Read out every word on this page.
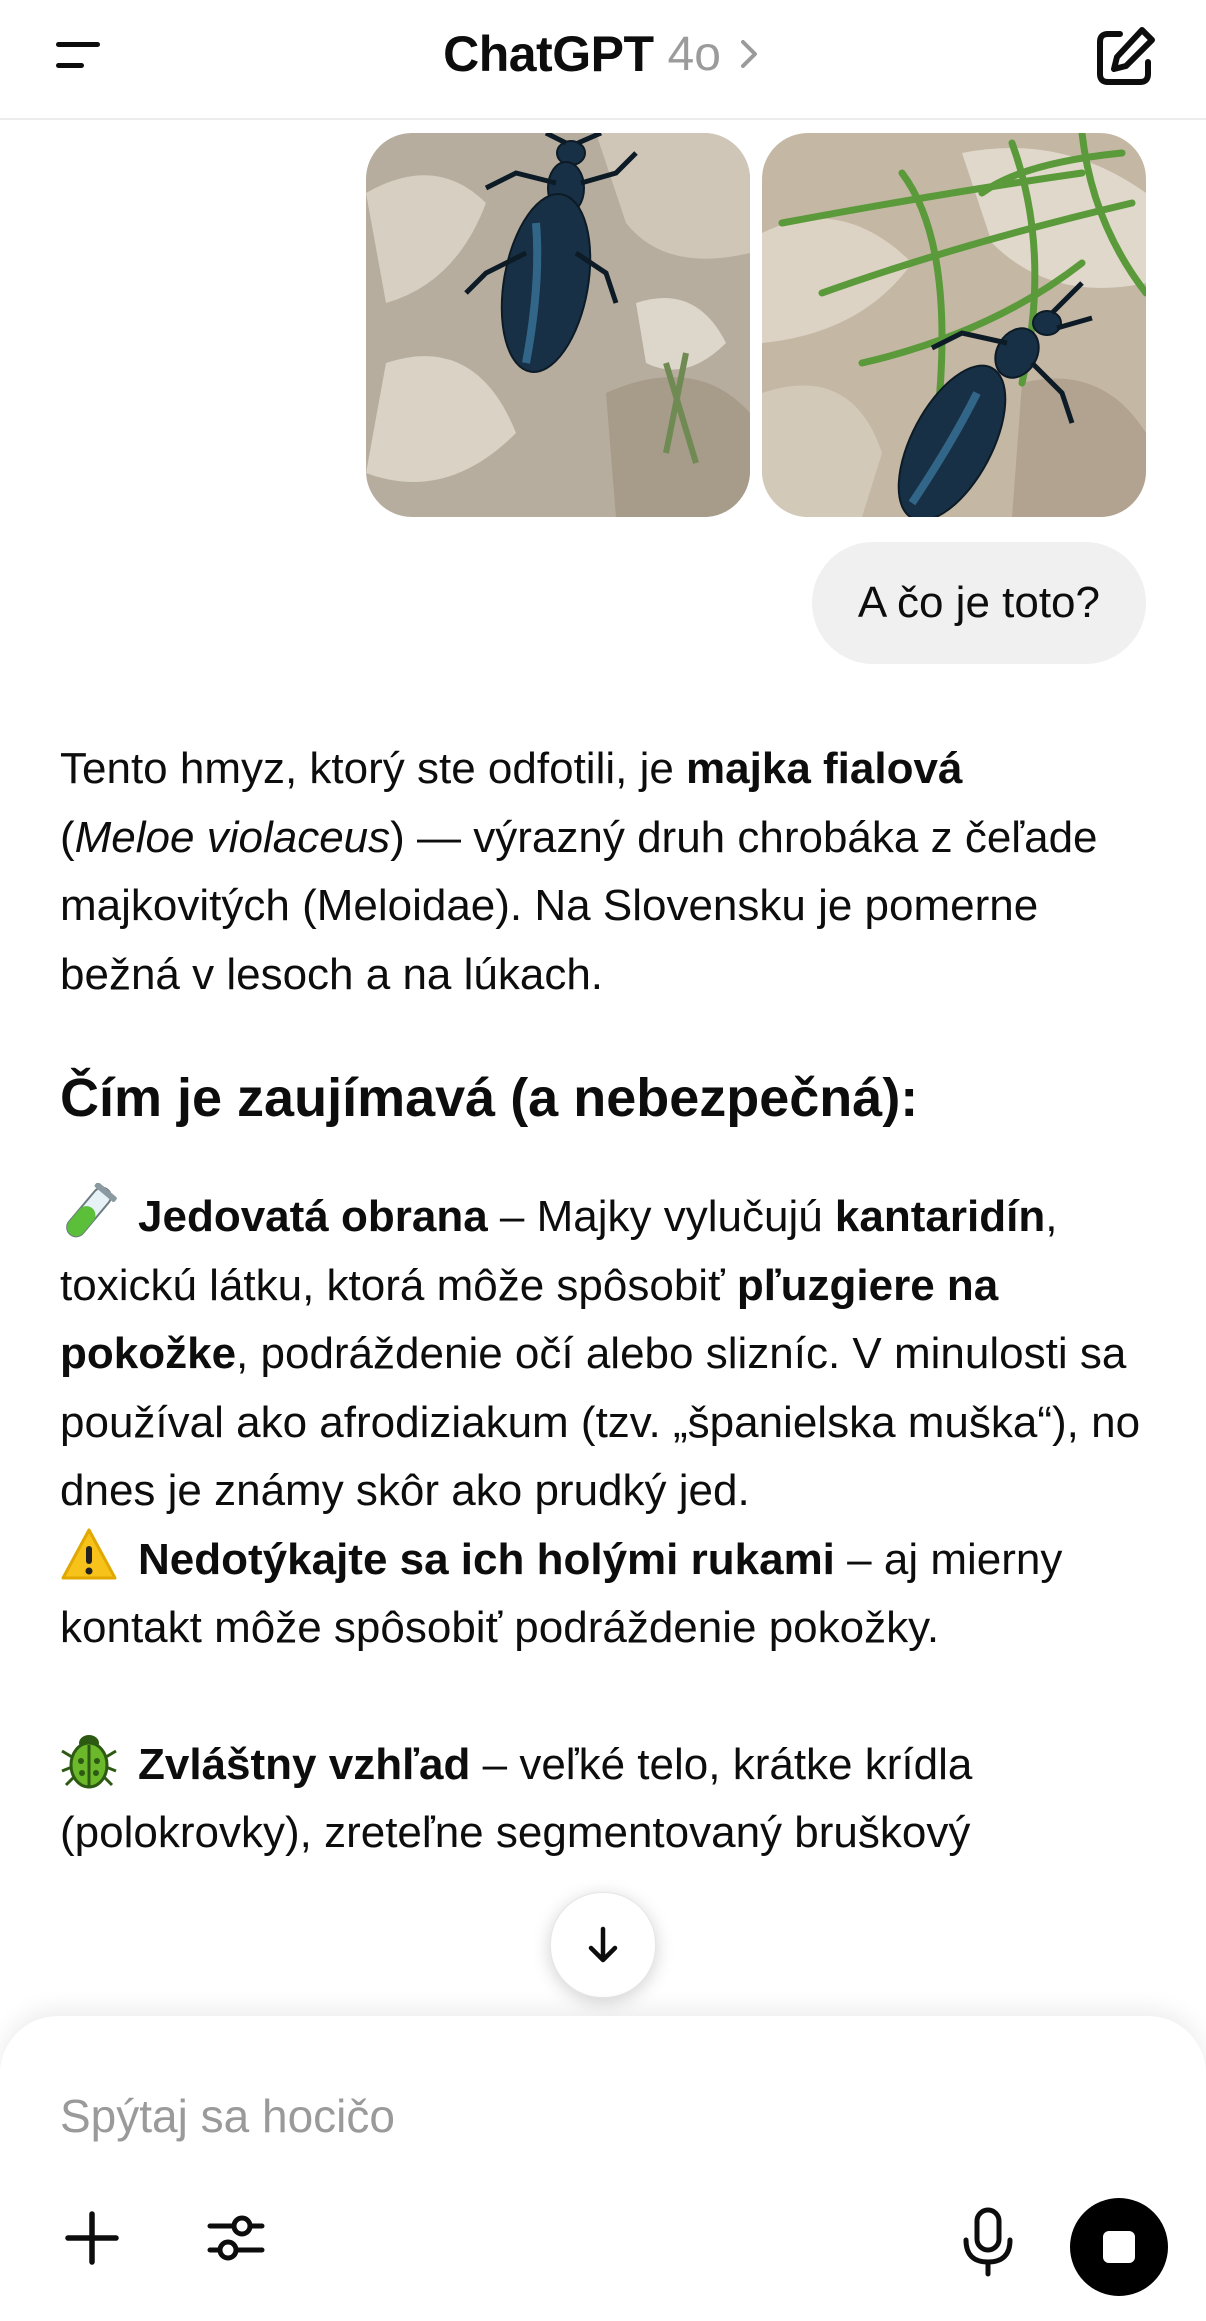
ChatGPT 4o
A čo je toto?

Tento hmyz, ktorý ste odfotili, je majka fialová
(Meloe violaceus) — výrazný druh chrobáka z čeľade majkovitých (Meloidae). Na Slovensku je pomerne bežná v lesoch a na lúkach.

Čím je zaujímavá (a nebezpečná):

Jedovatá obrana – Majky vylučujú kantaridín, toxickú látku, ktorá môže spôsobiť pľuzgiere na pokožke, podráždenie očí alebo slizníc. V minulosti sa používal ako afrodiziakum (tzv. „španielska muška“), no dnes je známy skôr ako prudký jed.

Nedotýkajte sa ich holými rukami – aj mierny kontakt môže spôsobiť podráždenie pokožky.

Zvláštny vzhľad – veľké telo, krátke krídla (polokrovky), zreteľne segmentovaný bruškový

Spýtaj sa hocičo
